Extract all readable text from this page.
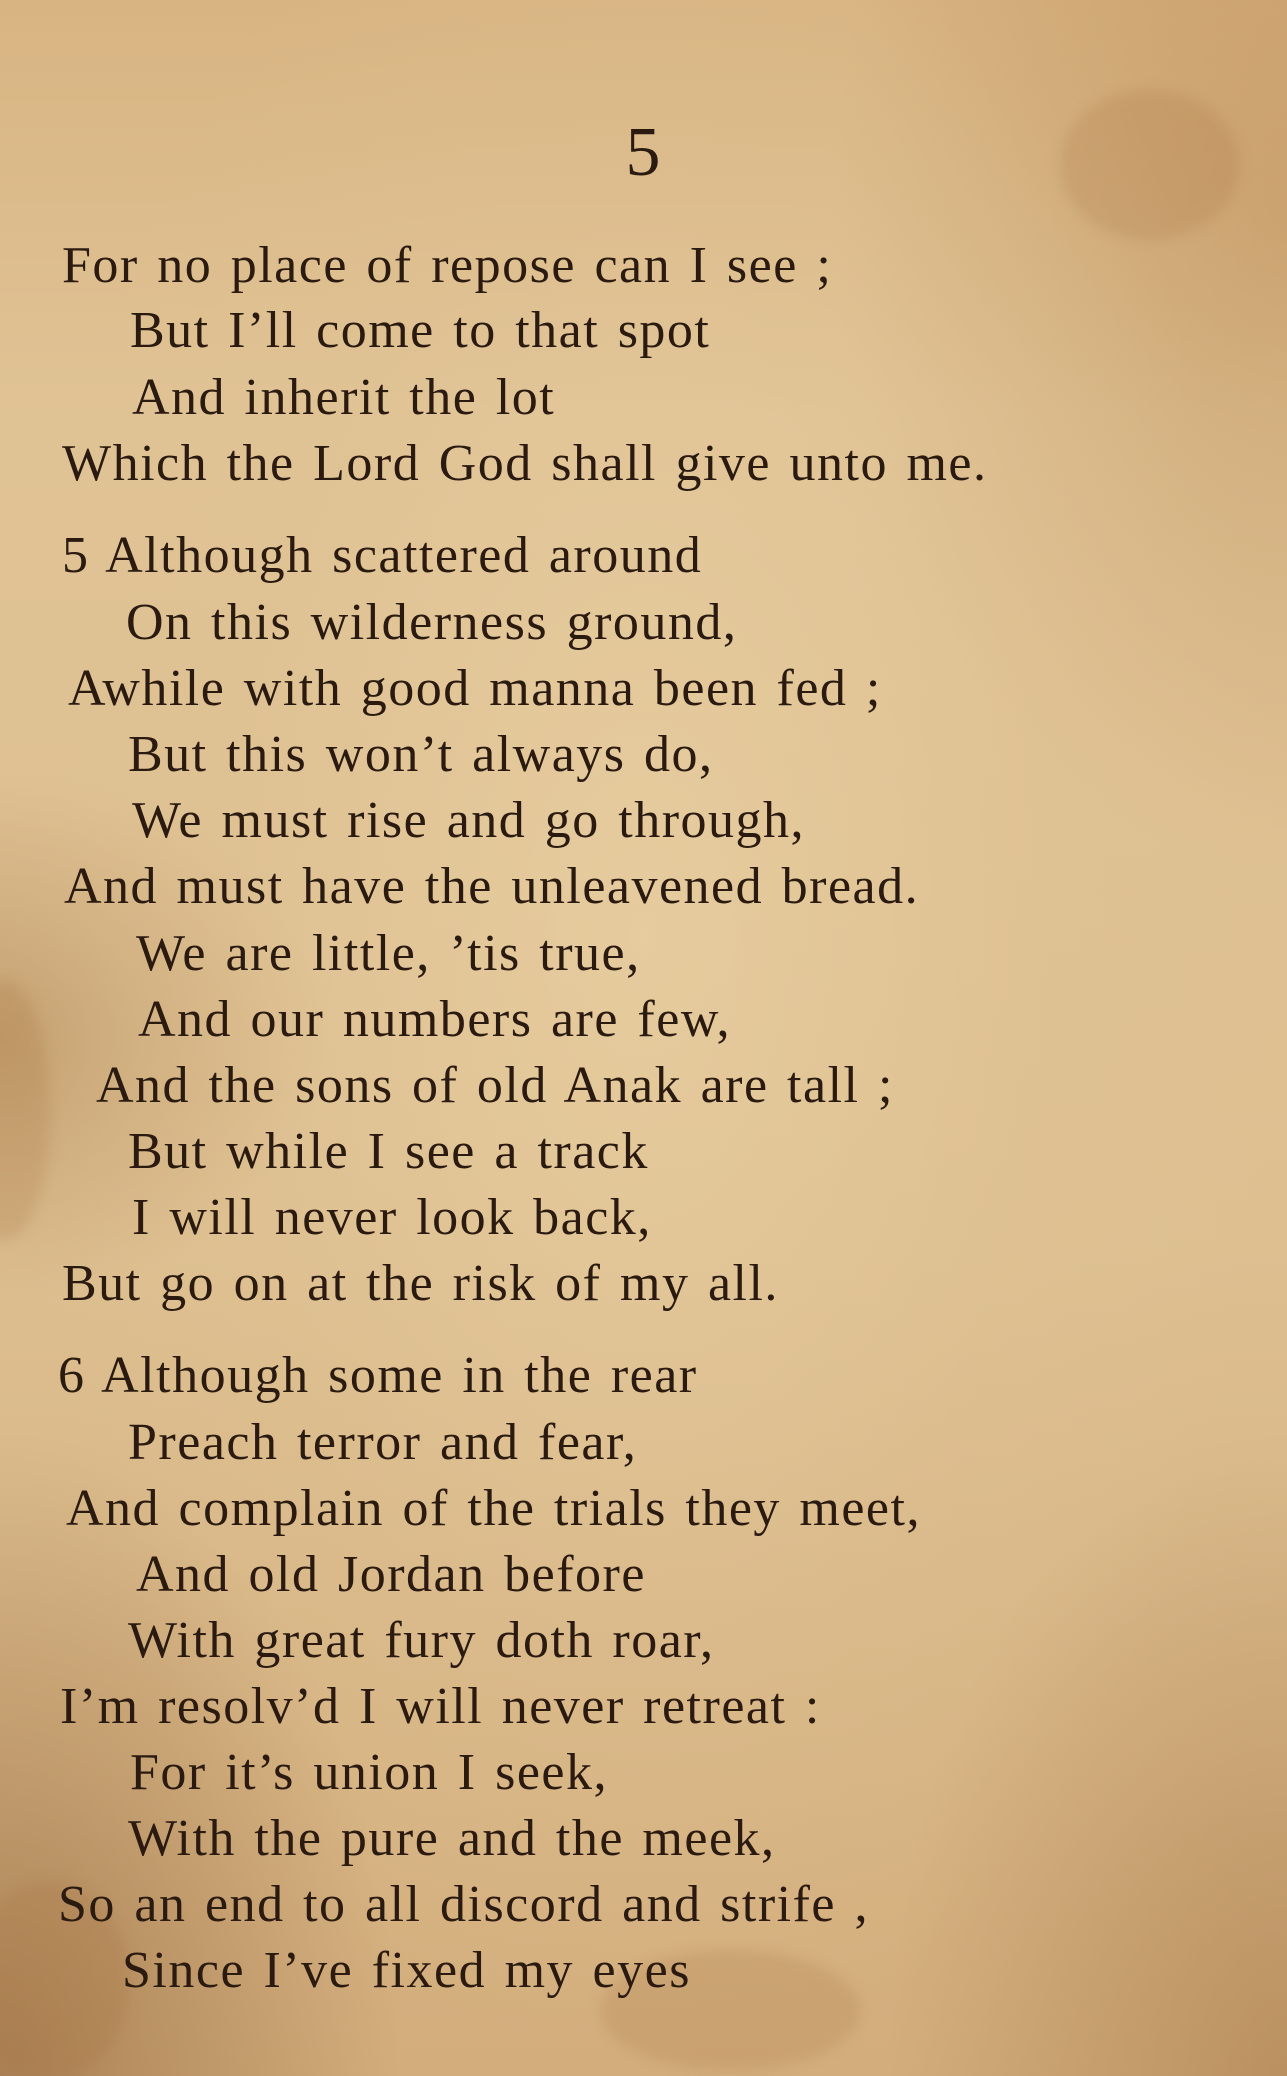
5
For no place of repose can I see ;
But I’ll come to that spot
And inherit the lot
Which the Lord God shall give unto me.
5 Although scattered around
On this wilderness ground,
Awhile with good manna been fed ;
But this won’t always do,
We must rise and go through,
And must have the unleavened bread.
We are little, ’tis true,
And our numbers are few,
And the sons of old Anak are tall ;
But while I see a track
I will never look back,
But go on at the risk of my all.
6 Although some in the rear
Preach terror and fear,
And complain of the trials they meet,
And old Jordan before
With great fury doth roar,
I’m resolv’d I will never retreat :
For it’s union I seek,
With the pure and the meek,
So an end to all discord and strife ,
Since I’ve fixed my eyes
